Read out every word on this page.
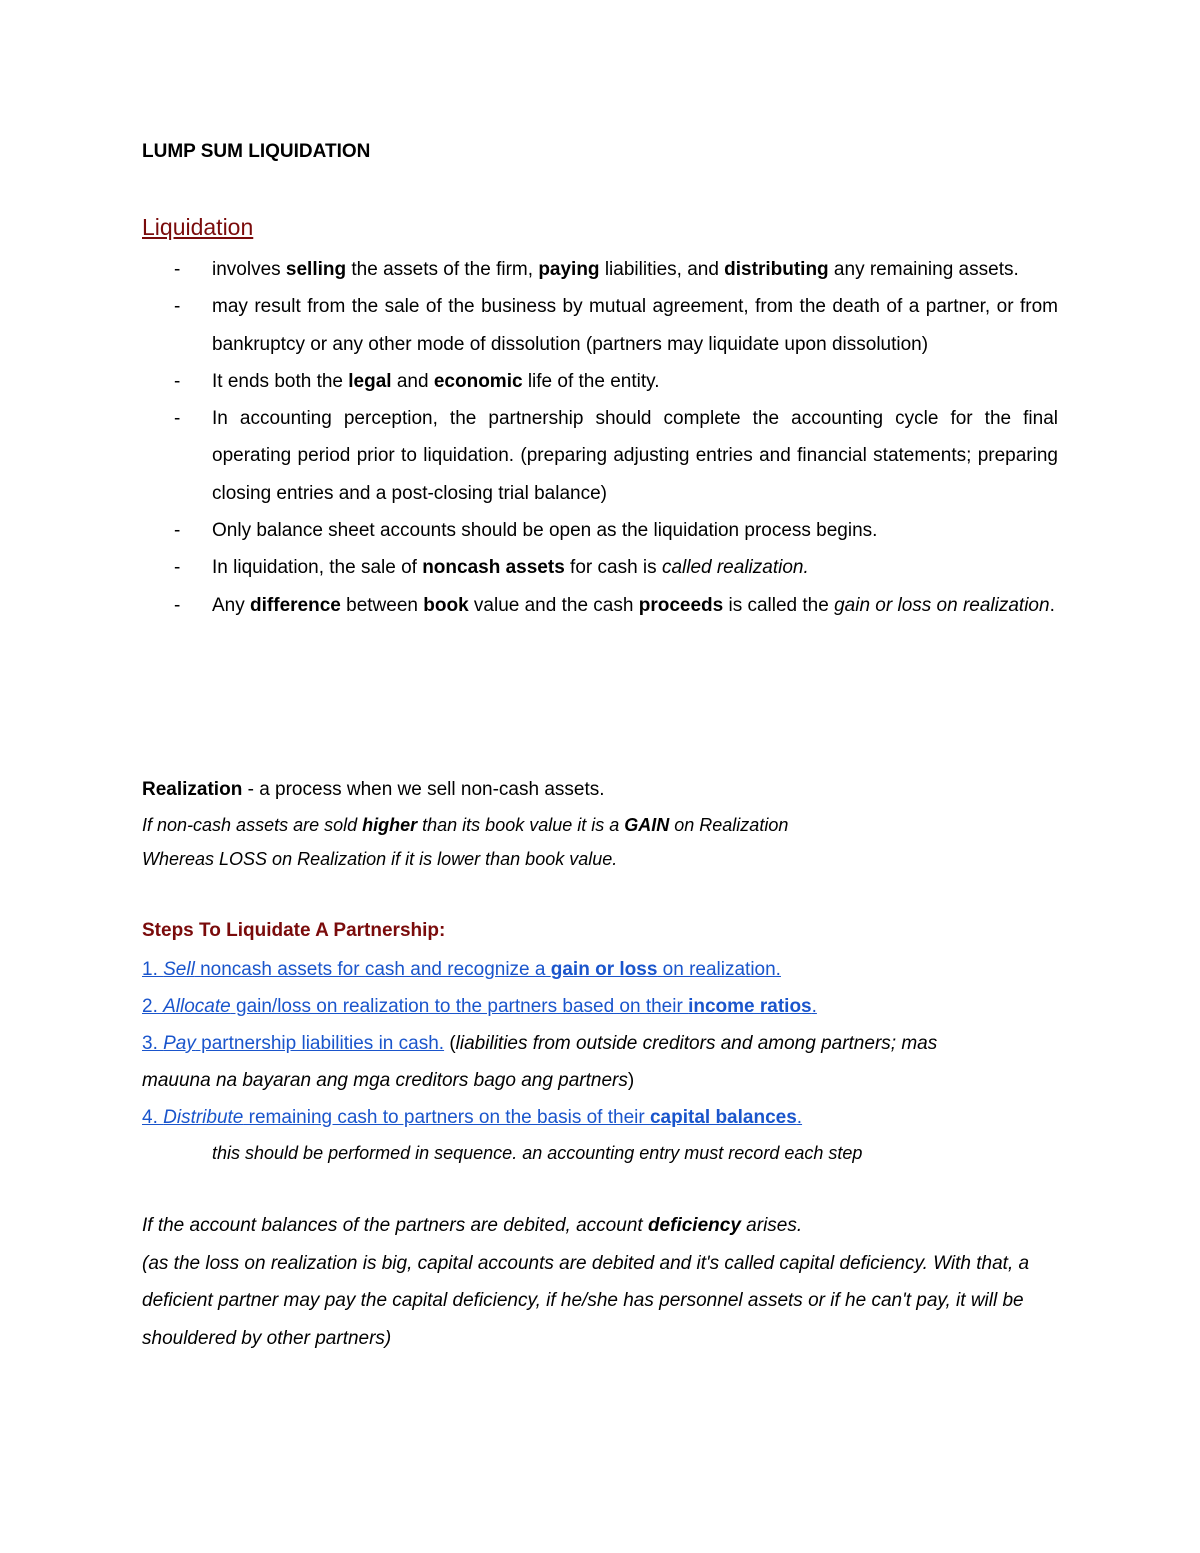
LUMP SUM LIQUIDATION
Liquidation
- involves selling the assets of the firm, paying liabilities, and distributing any remaining assets.
- may result from the sale of the business by mutual agreement, from the death of a partner, or from bankruptcy or any other mode of dissolution (partners may liquidate upon dissolution)
- It ends both the legal and economic life of the entity.
- In accounting perception, the partnership should complete the accounting cycle for the final operating period prior to liquidation. (preparing adjusting entries and financial statements; preparing closing entries and a post-closing trial balance)
- Only balance sheet accounts should be open as the liquidation process begins.
- In liquidation, the sale of noncash assets for cash is called realization.
- Any difference between book value and the cash proceeds is called the gain or loss on realization.

Realization - a process when we sell non-cash assets.

If non-cash assets are sold higher than its book value it is a GAIN on Realization

Whereas LOSS on Realization if it is lower than book value.

Steps To Liquidate A Partnership:

1. Sell noncash assets for cash and recognize a gain or loss on realization.

2. Allocate gain/loss on realization to the partners based on their income ratios.

3. Pay partnership liabilities in cash. (liabilities from outside creditors and among partners; mas

mauuna na bayaran ang mga creditors bago ang partners)

4. Distribute remaining cash to partners on the basis of their capital balances.

this should be performed in sequence. an accounting entry must record each step

If the account balances of the partners are debited, account deficiency arises.

(as the loss on realization is big, capital accounts are debited and it's called capital deficiency. With that, a deficient partner may pay the capital deficiency, if he/she has personnel assets or if he can't pay, it will be shouldered by other partners)
